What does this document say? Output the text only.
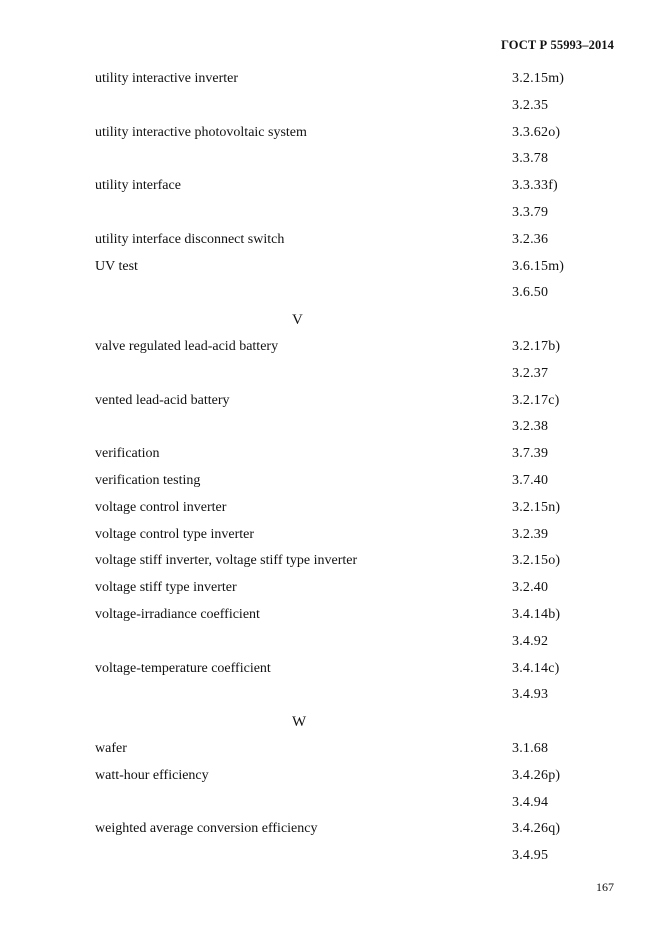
ГОСТ Р 55993–2014
utility interactive inverter	3.2.15m)
3.2.35
utility interactive photovoltaic system	3.3.62o)
3.3.78
utility interface	3.3.33f)
3.3.79
utility interface disconnect switch	3.2.36
UV test	3.6.15m)
3.6.50
V
valve regulated lead-acid battery	3.2.17b)
3.2.37
vented lead-acid battery	3.2.17c)
3.2.38
verification	3.7.39
verification testing	3.7.40
voltage control inverter	3.2.15n)
voltage control type inverter	3.2.39
voltage stiff inverter, voltage stiff type inverter	3.2.15o)
voltage stiff type inverter	3.2.40
voltage-irradiance coefficient	3.4.14b)
3.4.92
voltage-temperature coefficient	3.4.14c)
3.4.93
W
wafer	3.1.68
watt-hour efficiency	3.4.26p)
3.4.94
weighted average conversion efficiency	3.4.26q)
3.4.95
167
